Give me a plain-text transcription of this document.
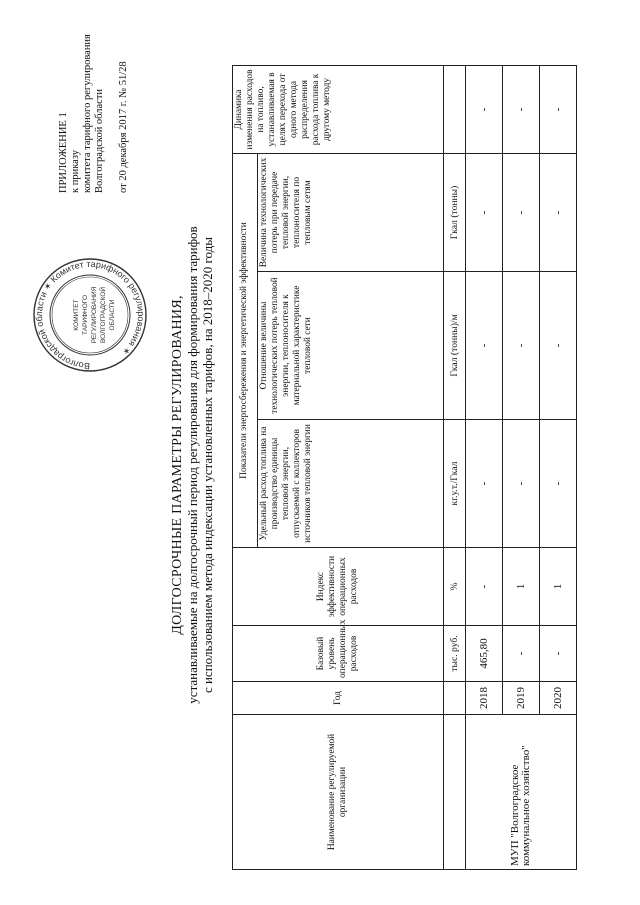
ПРИЛОЖЕНИЕ 1 к приказу комитета тарифного регулирования Волгоградской области от 20 декабря 2017 г. № 51/28
Волгоградской области ✶ Комитет тарифного регулирования ✶
КОМИТЕТ ТАРИФНОГО РЕГУЛИРОВАНИЯ ВОЛГОГРАДСКОЙ ОБЛАСТИ	ДОЛГОСРОЧНЫЕ ПАРАМЕТРЫ РЕГУЛИРОВАНИЯ, устанавливаемые на долгосрочный период регулирования для формирования тарифов с использованием метода индексации установленных тарифов, на 2018–2020 годы
Наименование регулируемой организации	Год	Базовый уровень операционных расходов	Индекс эффективности операционных расходов	Показатели энергосбережения и энергетической эффективности			Динамика изменения расходов на топливо, устанавливаемая в целях перехода от одного метода распределения расхода топлива к другому методу
				Удельный расход топлива на производство единицы тепловой энергии, отпускаемой с коллекторов источников тепловой энергии	Отношение величины технологических потерь тепловой энергии, теплоносителя к материальной характеристике тепловой сети	Величина технологических потерь при передаче тепловой энергии, теплоносителя по тепловым сетям	
		тыс. руб.	%	кг.у.т./Гкал	Гкал (тонны)/м	Гкал (тонны)	
МУП "Волгоградское коммунальное хозяйство"	2018	465,80	-	-	-	-	-
	2019	-	1	-	-	-	-
	2020	-	1	-	-	-	-
